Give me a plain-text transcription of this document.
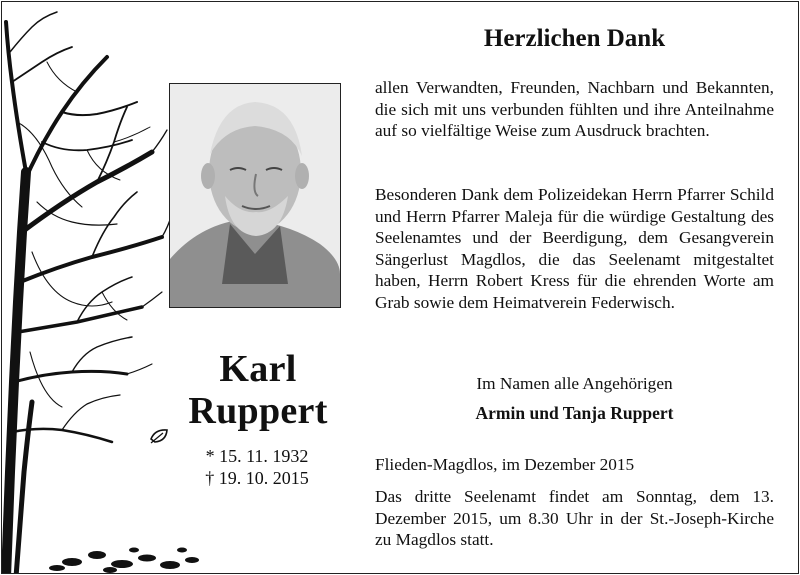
Karl
Ruppert
* 15. 11. 1932
† 19. 10. 2015
Herzlichen Dank
allen Verwandten, Freunden, Nachbarn und Bekannten, die sich mit uns verbunden fühlten und ihre Anteilnahme auf so vielfältige Weise zum Ausdruck brachten.
Besonderen Dank dem Polizeidekan Herrn Pfarrer Schild und Herrn Pfarrer Maleja für die würdige Gestaltung des Seelenamtes und der Beerdigung, dem Gesangverein Sängerlust Magdlos, die das Seelenamt mitgestaltet haben, Herrn Robert Kress für die ehrenden Worte am Grab sowie dem Heimatverein Federwisch.
Im Namen alle Angehörigen
Armin und Tanja Ruppert
Flieden-Magdlos, im Dezember 2015
Das dritte Seelenamt findet am Sonntag, dem 13. Dezember 2015, um 8.30 Uhr in der St.-Joseph-Kirche zu Magdlos statt.
